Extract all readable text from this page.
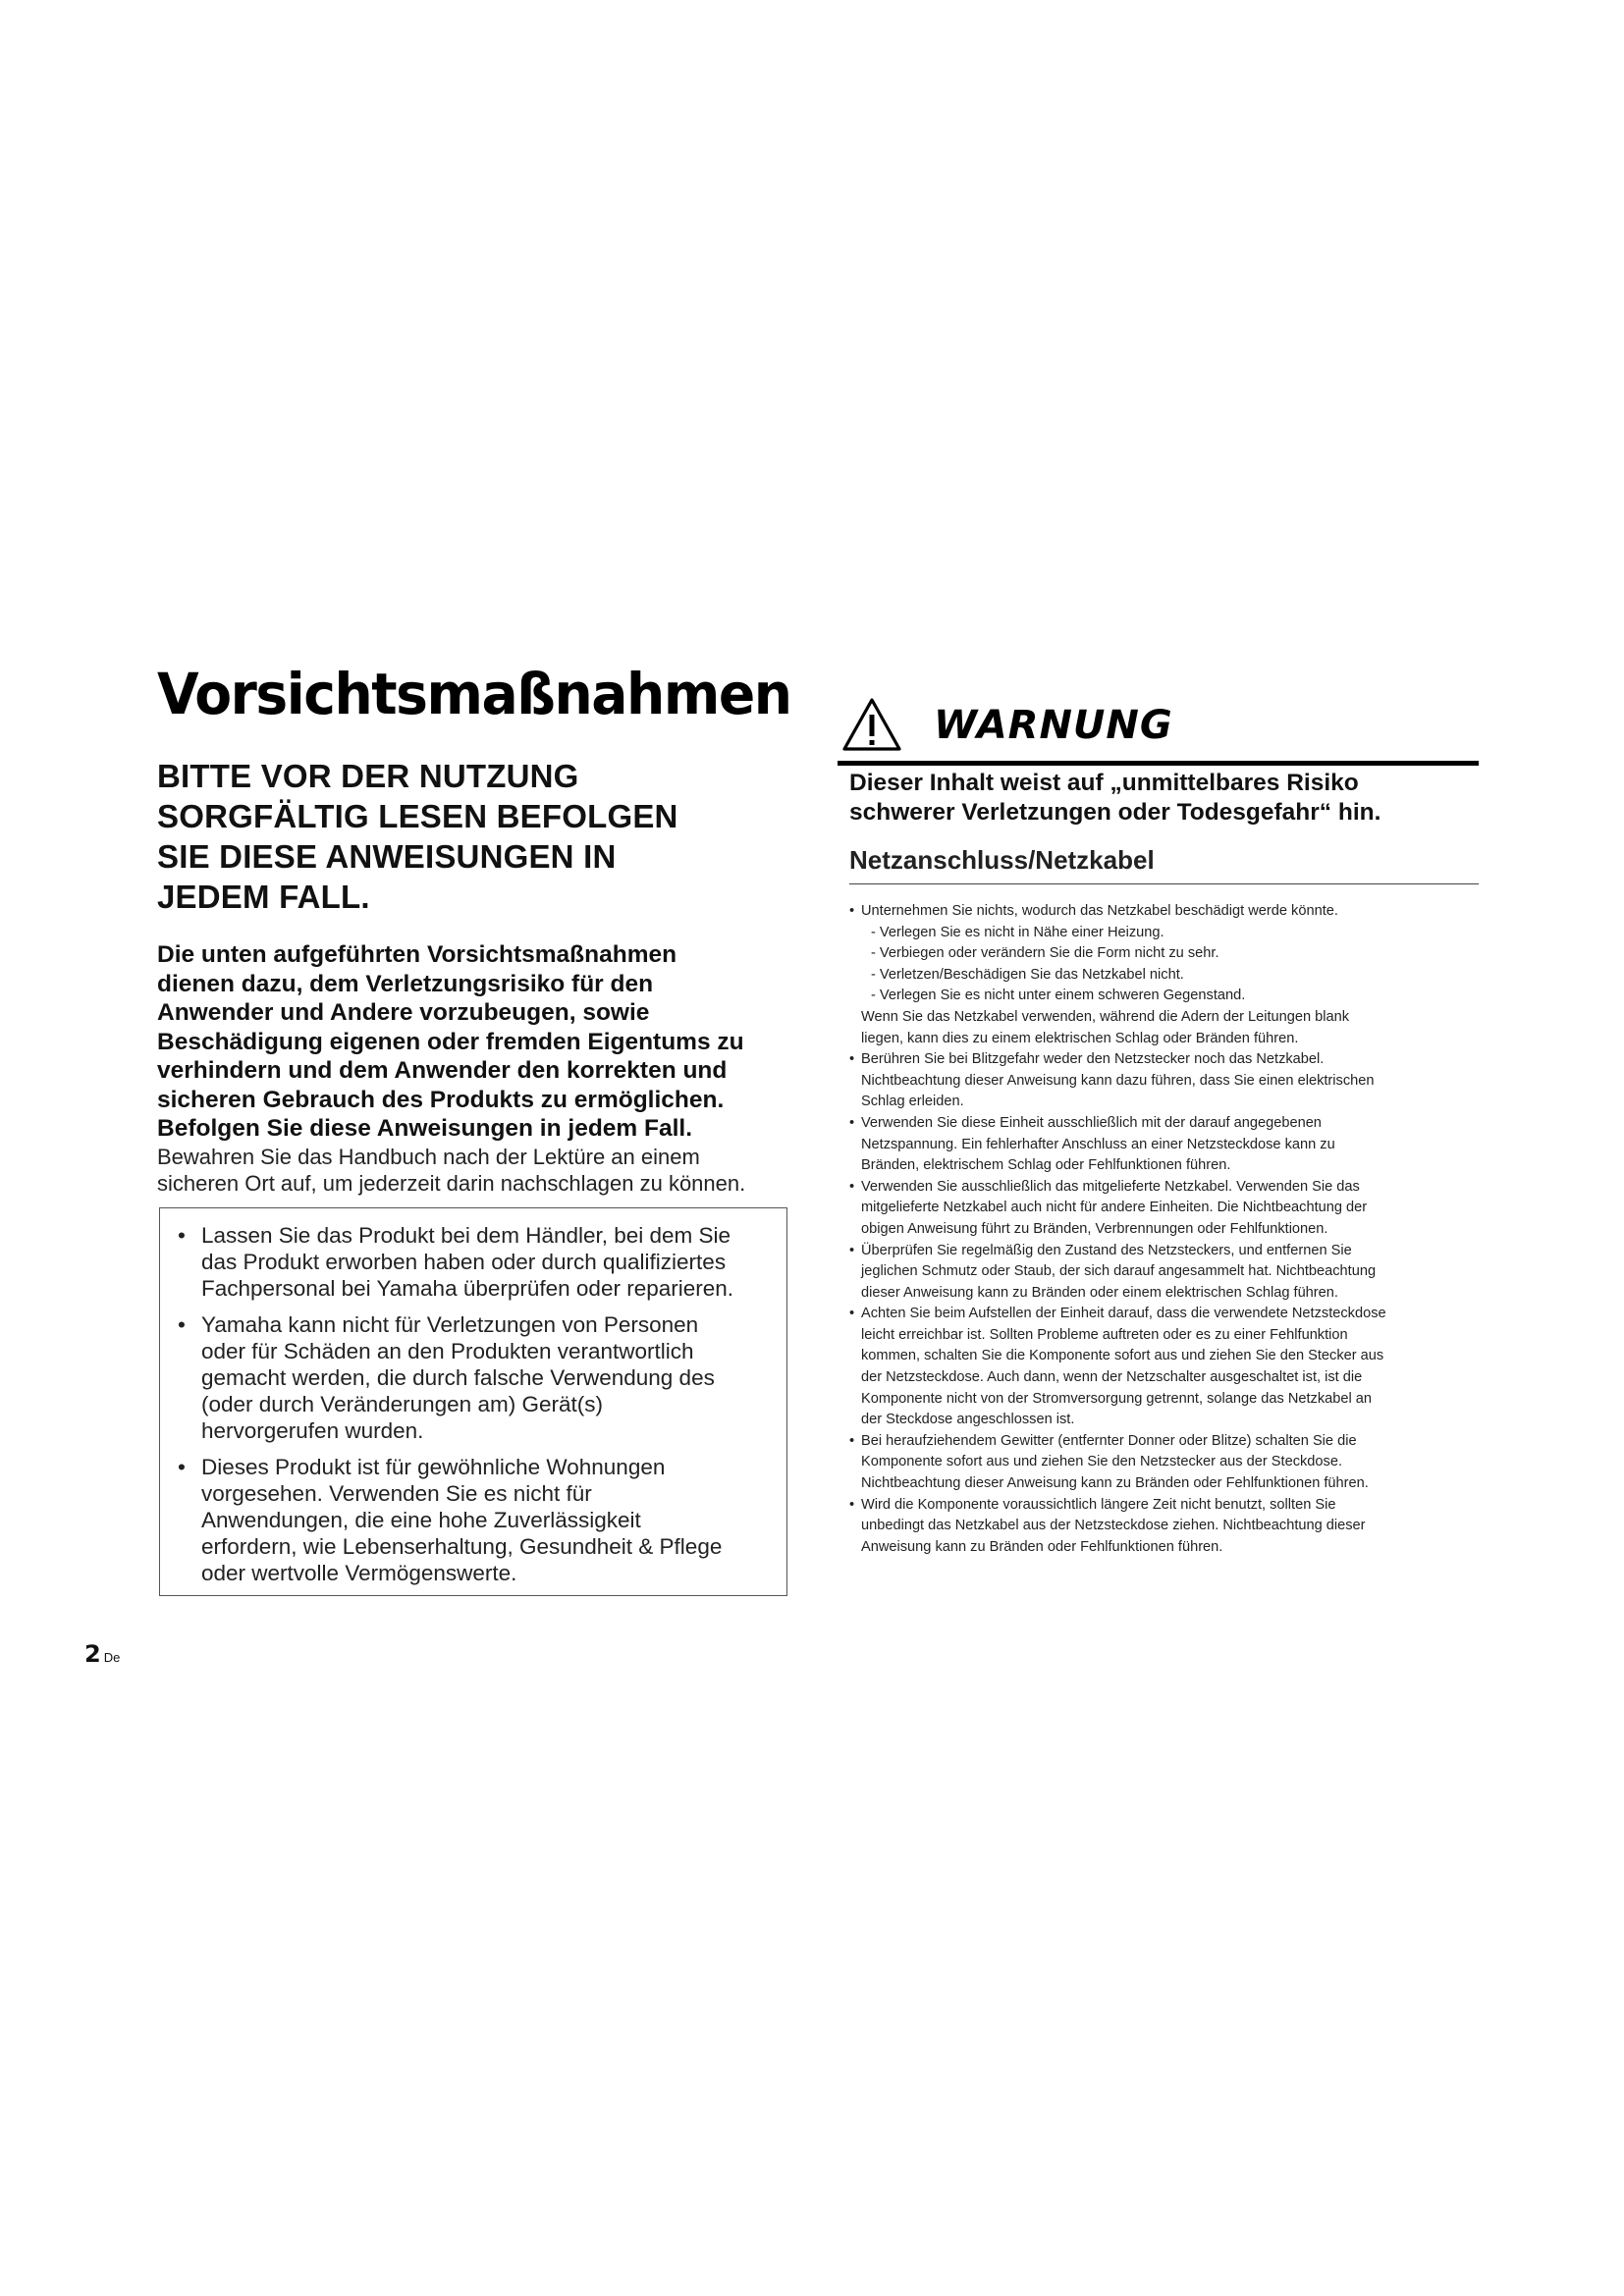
Vorsichtsmaßnahmen
BITTE VOR DER NUTZUNG
SORGFÄLTIG LESEN BEFOLGEN
SIE DIESE ANWEISUNGEN IN
JEDEM FALL.

Die unten aufgeführten Vorsichtsmaßnahmen
dienen dazu, dem Verletzungsrisiko für den
Anwender und Andere vorzubeugen, sowie
Beschädigung eigenen oder fremden Eigentums zu
verhindern und dem Anwender den korrekten und
sicheren Gebrauch des Produkts zu ermöglichen.
Befolgen Sie diese Anweisungen in jedem Fall.

Bewahren Sie das Handbuch nach der Lektüre an einem
sicheren Ort auf, um jederzeit darin nachschlagen zu können.

• Lassen Sie das Produkt bei dem Händler, bei dem Sie
das Produkt erworben haben oder durch qualifiziertes
Fachpersonal bei Yamaha überprüfen oder reparieren.
• Yamaha kann nicht für Verletzungen von Personen
oder für Schäden an den Produkten verantwortlich
gemacht werden, die durch falsche Verwendung des
(oder durch Veränderungen am) Gerät(s)
hervorgerufen wurden.
• Dieses Produkt ist für gewöhnliche Wohnungen
vorgesehen. Verwenden Sie es nicht für
Anwendungen, die eine hohe Zuverlässigkeit
erfordern, wie Lebenserhaltung, Gesundheit & Pflege
oder wertvolle Vermögenswerte.
WARNUNG

Dieser Inhalt weist auf „unmittelbares Risiko
schwerer Verletzungen oder Todesgefahr“ hin.

Netzanschluss/Netzkabel
• Unternehmen Sie nichts, wodurch das Netzkabel beschädigt werde könnte.
- Verlegen Sie es nicht in Nähe einer Heizung.
- Verbiegen oder verändern Sie die Form nicht zu sehr.
- Verletzen/Beschädigen Sie das Netzkabel nicht.
- Verlegen Sie es nicht unter einem schweren Gegenstand.
Wenn Sie das Netzkabel verwenden, während die Adern der Leitungen blank
liegen, kann dies zu einem elektrischen Schlag oder Bränden führen.
• Berühren Sie bei Blitzgefahr weder den Netzstecker noch das Netzkabel.
Nichtbeachtung dieser Anweisung kann dazu führen, dass Sie einen elektrischen
Schlag erleiden.
• Verwenden Sie diese Einheit ausschließlich mit der darauf angegebenen
Netzspannung. Ein fehlerhafter Anschluss an einer Netzsteckdose kann zu
Bränden, elektrischem Schlag oder Fehlfunktionen führen.
• Verwenden Sie ausschließlich das mitgelieferte Netzkabel. Verwenden Sie das
mitgelieferte Netzkabel auch nicht für andere Einheiten. Die Nichtbeachtung der
obigen Anweisung führt zu Bränden, Verbrennungen oder Fehlfunktionen.
• Überprüfen Sie regelmäßig den Zustand des Netzsteckers, und entfernen Sie
jeglichen Schmutz oder Staub, der sich darauf angesammelt hat. Nichtbeachtung
dieser Anweisung kann zu Bränden oder einem elektrischen Schlag führen.
• Achten Sie beim Aufstellen der Einheit darauf, dass die verwendete Netzsteckdose
leicht erreichbar ist. Sollten Probleme auftreten oder es zu einer Fehlfunktion
kommen, schalten Sie die Komponente sofort aus und ziehen Sie den Stecker aus
der Netzsteckdose. Auch dann, wenn der Netzschalter ausgeschaltet ist, ist die
Komponente nicht von der Stromversorgung getrennt, solange das Netzkabel an
der Steckdose angeschlossen ist.
• Bei heraufziehendem Gewitter (entfernter Donner oder Blitze) schalten Sie die
Komponente sofort aus und ziehen Sie den Netzstecker aus der Steckdose.
Nichtbeachtung dieser Anweisung kann zu Bränden oder Fehlfunktionen führen.
• Wird die Komponente voraussichtlich längere Zeit nicht benutzt, sollten Sie
unbedingt das Netzkabel aus der Netzsteckdose ziehen. Nichtbeachtung dieser
Anweisung kann zu Bränden oder Fehlfunktionen führen.
2 De
